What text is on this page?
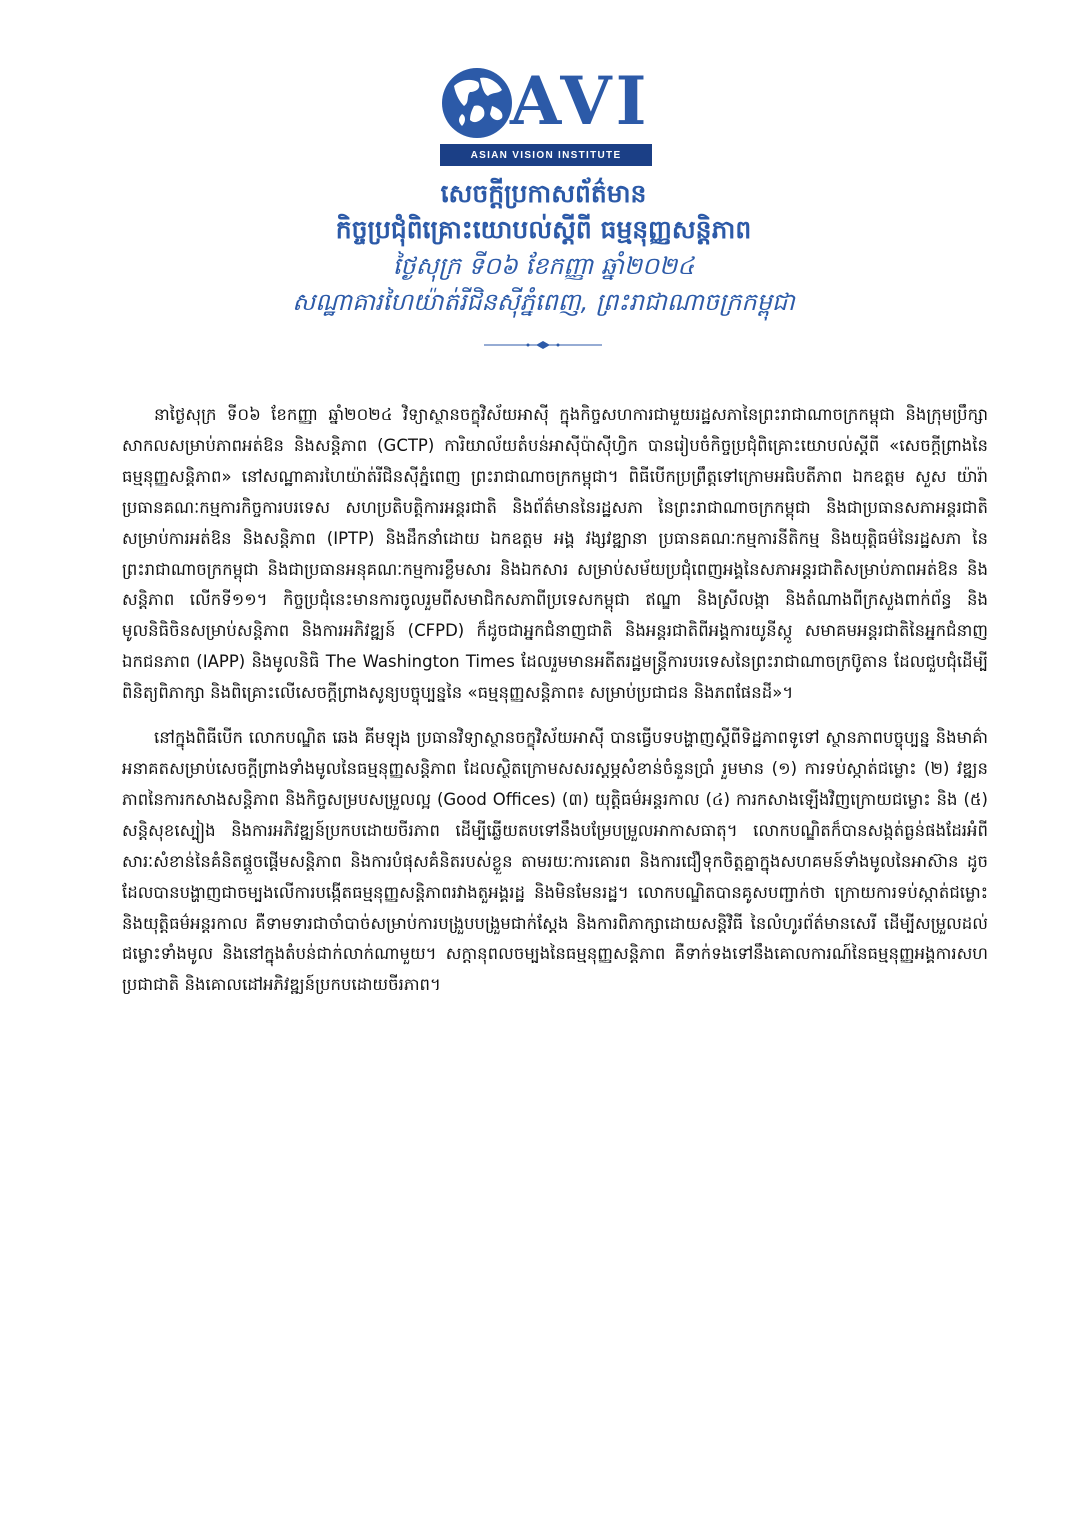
AVI
ASIAN VISION INSTITUTE
សេចក្តីប្រកាសព័ត៌មាន
កិច្ចប្រជុំពិគ្រោះយោបល់ស្តីពី ធម្មនុញ្ញសន្តិភាព
ថ្ងៃសុក្រ ទី០៦ ខែកញ្ញា ឆ្នាំ២០២៤
សណ្ឋាគារហៃយ៉ាត់រីជិនស៊ីភ្នំពេញ, ព្រះរាជាណាចក្រកម្ពុជា

នាថ្ងៃសុក្រ ទី០៦ ខែកញ្ញា ឆ្នាំ២០២៤ វិទ្យាស្ថានចក្ខុវិស័យអាស៊ី ក្នុងកិច្ចសហការជាមួយរដ្ឋសភានៃព្រះរាជាណាចក្រកម្ពុជា និងក្រុមប្រឹក្សាសាកលសម្រាប់ភាពអត់ឱន និងសន្តិភាព (GCTP) ការិយាល័យតំបន់អាស៊ីប៉ាស៊ីហ្វិក បានរៀបចំកិច្ចប្រជុំពិគ្រោះយោបល់ស្តីពី «សេចក្តីព្រាងនៃធម្មនុញ្ញសន្តិភាព» នៅសណ្ឋាគារហៃយ៉ាត់រីជិនស៊ីភ្នំពេញ ព្រះរាជាណាចក្រកម្ពុជា។ ពិធីបើកប្រព្រឹត្តទៅក្រោមអធិបតីភាព ឯកឧត្តម សួស យ៉ារ៉ា ប្រធានគណៈកម្មការកិច្ចការបរទេស សហប្រតិបត្តិការអន្តរជាតិ និងព័ត៌មាននៃរដ្ឋសភា នៃព្រះរាជាណាចក្រកម្ពុជា និងជាប្រធានសភាអន្តរជាតិសម្រាប់ការអត់ឱន និងសន្តិភាព (IPTP) និងដឹកនាំដោយ ឯកឧត្តម អង្គ វង្សវឌ្ឍានា ប្រធានគណៈកម្មការនីតិកម្ម និងយុត្តិធម៌នៃរដ្ឋសភា នៃព្រះរាជាណាចក្រកម្ពុជា និងជាប្រធានអនុគណៈកម្មការខ្លឹមសារ និងឯកសារ សម្រាប់សម័យប្រជុំពេញអង្គនៃសភាអន្តរជាតិសម្រាប់ភាពអត់ឱន និងសន្តិភាព លើកទី១១។ កិច្ចប្រជុំនេះមានការចូលរួមពីសមាជិកសភាពីប្រទេសកម្ពុជា ឥណ្ឌា និងស្រីលង្កា និងតំណាងពីក្រសួងពាក់ព័ន្ធ និងមូលនិធិចិនសម្រាប់សន្តិភាព និងការអភិវឌ្ឍន៍ (CFPD) ក៏ដូចជាអ្នកជំនាញជាតិ និងអន្តរជាតិពីអង្គការយូនីស្កូ សមាគមអន្តរជាតិនៃអ្នកជំនាញឯកជនភាព (IAPP) និងមូលនិធិ The Washington Times ដែលរួមមានអតីតរដ្ឋមន្ត្រីការបរទេសនៃព្រះរាជាណាចក្រប៊ូតាន ដែលជួបជុំដើម្បីពិនិត្យពិភាក្សា និងពិគ្រោះលើសេចក្តីព្រាងសូន្យបច្ចុប្បន្ននៃ «ធម្មនុញ្ញសន្តិភាព៖ សម្រាប់ប្រជាជន និងភពផែនដី»។

នៅក្នុងពិធីបើក លោកបណ្ឌិត ឆេង គីមឡុង ប្រធានវិទ្យាស្ថានចក្ខុវិស័យអាស៊ី បានធ្វើបទបង្ហាញស្តីពីទិដ្ឋភាពទូទៅ ស្ថានភាពបច្ចុប្បន្ន និងមាគ៌ាអនាគតសម្រាប់សេចក្តីព្រាងទាំងមូលនៃធម្មនុញ្ញសន្តិភាព ដែលស្ថិតក្រោមសសរស្តម្ភសំខាន់ចំនួនប្រាំ រួមមាន (១) ការទប់ស្កាត់ជម្លោះ (២) វឌ្ឍនភាពនៃការកសាងសន្តិភាព និងកិច្ចសម្របសម្រួលល្អ (Good Offices) (៣) យុត្តិធម៌អន្តរកាល (៤) ការកសាងឡើងវិញក្រោយជម្លោះ និង (៥) សន្តិសុខស្បៀង និងការអភិវឌ្ឍន៍ប្រកបដោយចីរភាព ដើម្បីឆ្លើយតបទៅនឹងបម្រែបម្រួលអាកាសធាតុ។ លោកបណ្ឌិតក៏បានសង្កត់ធ្ងន់ផងដែរអំពីសារៈសំខាន់នៃគំនិតផ្តួចផ្តើមសន្តិភាព និងការបំផុសគំនិតរបស់ខ្លួន តាមរយៈការគោរព និងការជឿទុកចិត្តគ្នាក្នុងសហគមន៍ទាំងមូលនៃអាស៊ាន ដូចដែលបានបង្ហាញជាចម្បងលើការបង្កើតធម្មនុញ្ញសន្តិភាពរវាងតួអង្គរដ្ឋ និងមិនមែនរដ្ឋ។ លោកបណ្ឌិតបានគូសបញ្ជាក់ថា ក្រោយការទប់ស្កាត់ជម្លោះ និងយុត្តិធម៌អន្តរកាល គឺទាមទារជាចាំបាច់សម្រាប់ការបង្រួបបង្រួមជាក់ស្តែង និងការពិភាក្សាដោយសន្តិវិធី នៃលំហូរព័ត៌មានសេរី ដើម្បីសម្រួលដល់ជម្លោះទាំងមូល និងនៅក្នុងតំបន់ជាក់លាក់ណាមួយ។ សក្តានុពលចម្បងនៃធម្មនុញ្ញសន្តិភាព គឺទាក់ទងទៅនឹងគោលការណ៍នៃធម្មនុញ្ញអង្គការសហប្រជាជាតិ និងគោលដៅអភិវឌ្ឍន៍ប្រកបដោយចីរភាព។
